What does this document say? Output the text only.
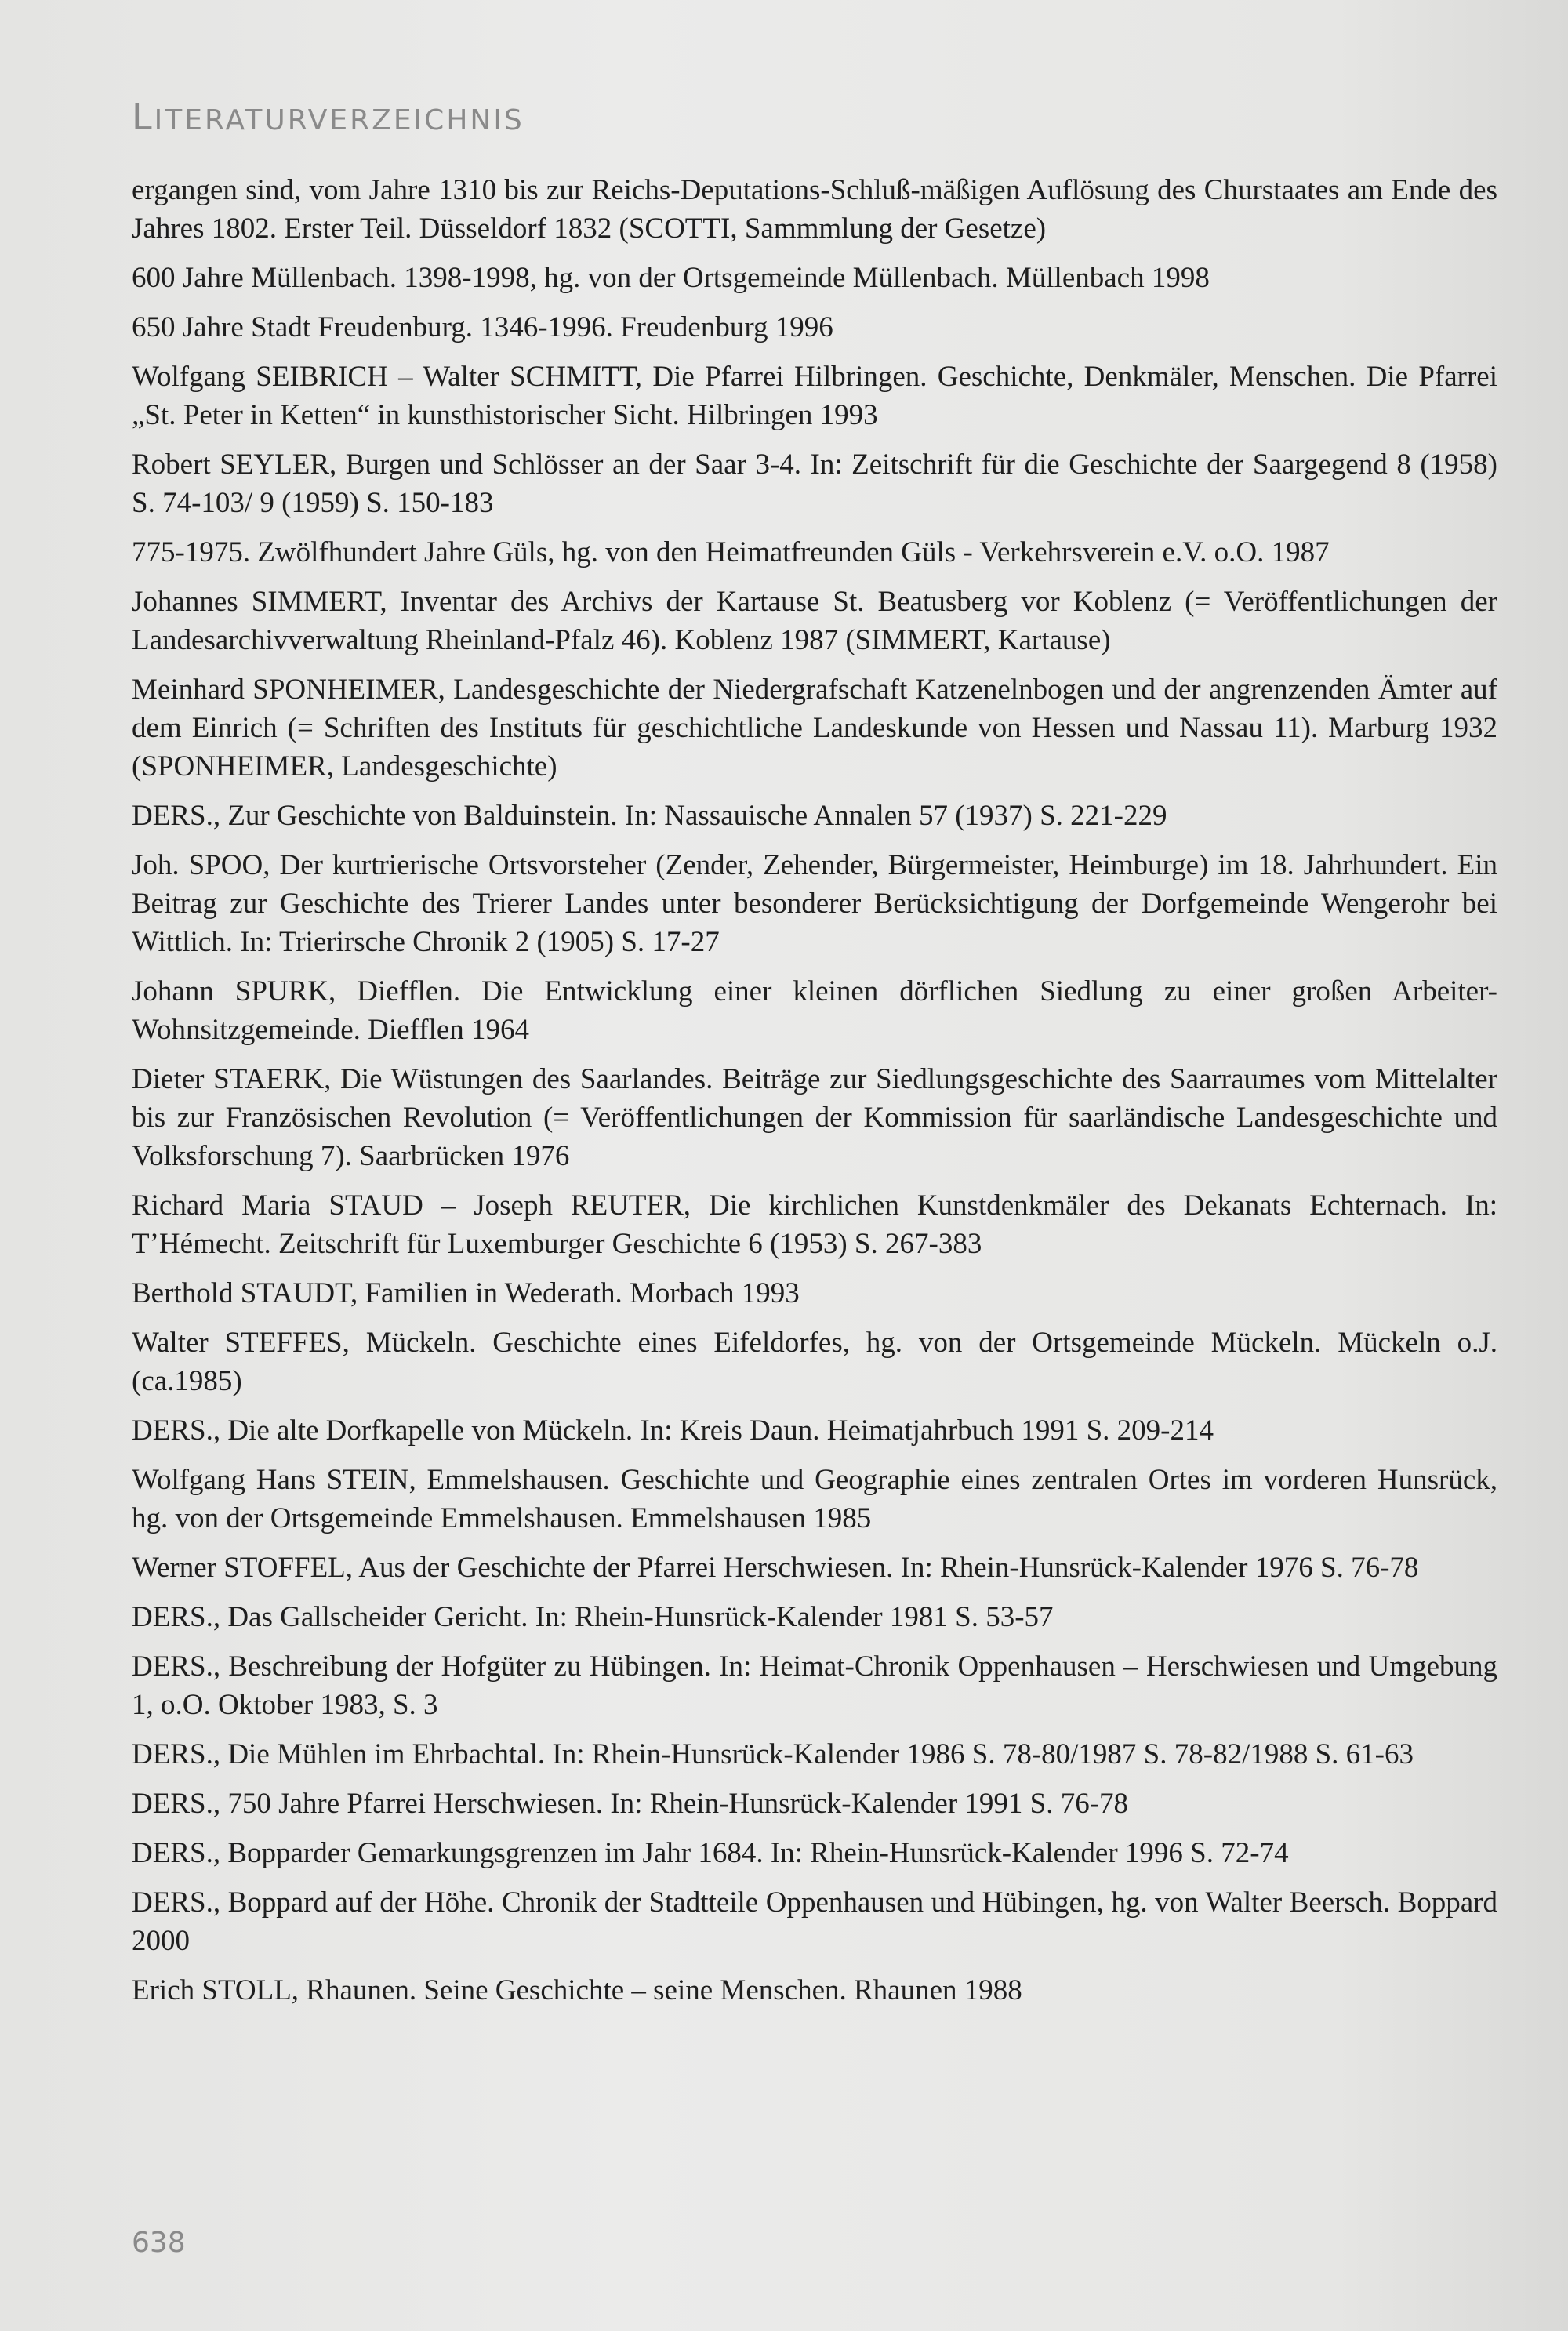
LITERATURVERZEICHNIS

ergangen sind, vom Jahre 1310 bis zur Reichs-Deputations-Schluß-mäßigen Auflösung des Churstaates am Ende des Jahres 1802. Erster Teil. Düsseldorf 1832 (SCOTTI, Sammmlung der Gesetze)

600 Jahre Müllenbach. 1398-1998, hg. von der Ortsgemeinde Müllenbach. Müllenbach 1998

650 Jahre Stadt Freudenburg. 1346-1996. Freudenburg 1996

Wolfgang SEIBRICH – Walter SCHMITT, Die Pfarrei Hilbringen. Geschichte, Denkmäler, Menschen. Die Pfarrei „St. Peter in Ketten“ in kunsthistorischer Sicht. Hilbringen 1993

Robert SEYLER, Burgen und Schlösser an der Saar 3-4. In: Zeitschrift für die Geschichte der Saargegend 8 (1958) S. 74-103/ 9 (1959) S. 150-183

775-1975. Zwölfhundert Jahre Güls, hg. von den Heimatfreunden Güls - Verkehrsverein e.V. o.O. 1987

Johannes SIMMERT, Inventar des Archivs der Kartause St. Beatusberg vor Koblenz (= Veröffentlichungen der Landesarchivverwaltung Rheinland-Pfalz 46). Koblenz 1987 (SIMMERT, Kartause)

Meinhard SPONHEIMER, Landesgeschichte der Niedergrafschaft Katzenelnbogen und der angrenzenden Ämter auf dem Einrich (= Schriften des Instituts für geschichtliche Landeskunde von Hessen und Nassau 11). Marburg 1932 (SPONHEIMER, Landesgeschichte)

DERS., Zur Geschichte von Balduinstein. In: Nassauische Annalen 57 (1937) S. 221-229

Joh. SPOO, Der kurtrierische Ortsvorsteher (Zender, Zehender, Bürgermeister, Heimburge) im 18. Jahrhundert. Ein Beitrag zur Geschichte des Trierer Landes unter besonderer Berücksichtigung der Dorfgemeinde Wengerohr bei Wittlich. In: Trierirsche Chronik 2 (1905) S. 17-27

Johann SPURK, Diefflen. Die Entwicklung einer kleinen dörflichen Siedlung zu einer großen Arbeiter-Wohnsitzgemeinde. Diefflen 1964

Dieter STAERK, Die Wüstungen des Saarlandes. Beiträge zur Siedlungsgeschichte des Saarraumes vom Mittelalter bis zur Französischen Revolution (= Veröffentlichungen der Kommission für saarländische Landesgeschichte und Volksforschung 7). Saarbrücken 1976

Richard Maria STAUD – Joseph REUTER, Die kirchlichen Kunstdenkmäler des Dekanats Echternach. In: T’Hémecht. Zeitschrift für Luxemburger Geschichte 6 (1953) S. 267-383

Berthold STAUDT, Familien in Wederath. Morbach 1993

Walter STEFFES, Mückeln. Geschichte eines Eifeldorfes, hg. von der Ortsgemeinde Mückeln. Mückeln o.J. (ca.1985)

DERS., Die alte Dorfkapelle von Mückeln. In: Kreis Daun. Heimatjahrbuch 1991 S. 209-214

Wolfgang Hans STEIN, Emmelshausen. Geschichte und Geographie eines zentralen Ortes im vorderen Hunsrück, hg. von der Ortsgemeinde Emmelshausen. Emmelshausen 1985

Werner STOFFEL, Aus der Geschichte der Pfarrei Herschwiesen. In: Rhein-Hunsrück-Kalender 1976 S. 76-78

DERS., Das Gallscheider Gericht. In: Rhein-Hunsrück-Kalender 1981 S. 53-57

DERS., Beschreibung der Hofgüter zu Hübingen. In: Heimat-Chronik Oppenhausen – Herschwiesen und Umgebung 1, o.O. Oktober 1983, S. 3

DERS., Die Mühlen im Ehrbachtal. In: Rhein-Hunsrück-Kalender 1986 S. 78-80/1987 S. 78-82/1988 S. 61-63

DERS., 750 Jahre Pfarrei Herschwiesen. In: Rhein-Hunsrück-Kalender 1991 S. 76-78

DERS., Bopparder Gemarkungsgrenzen im Jahr 1684. In: Rhein-Hunsrück-Kalender 1996 S. 72-74

DERS., Boppard auf der Höhe. Chronik der Stadtteile Oppenhausen und Hübingen, hg. von Walter Beersch. Boppard 2000

Erich STOLL, Rhaunen. Seine Geschichte – seine Menschen. Rhaunen 1988

638
